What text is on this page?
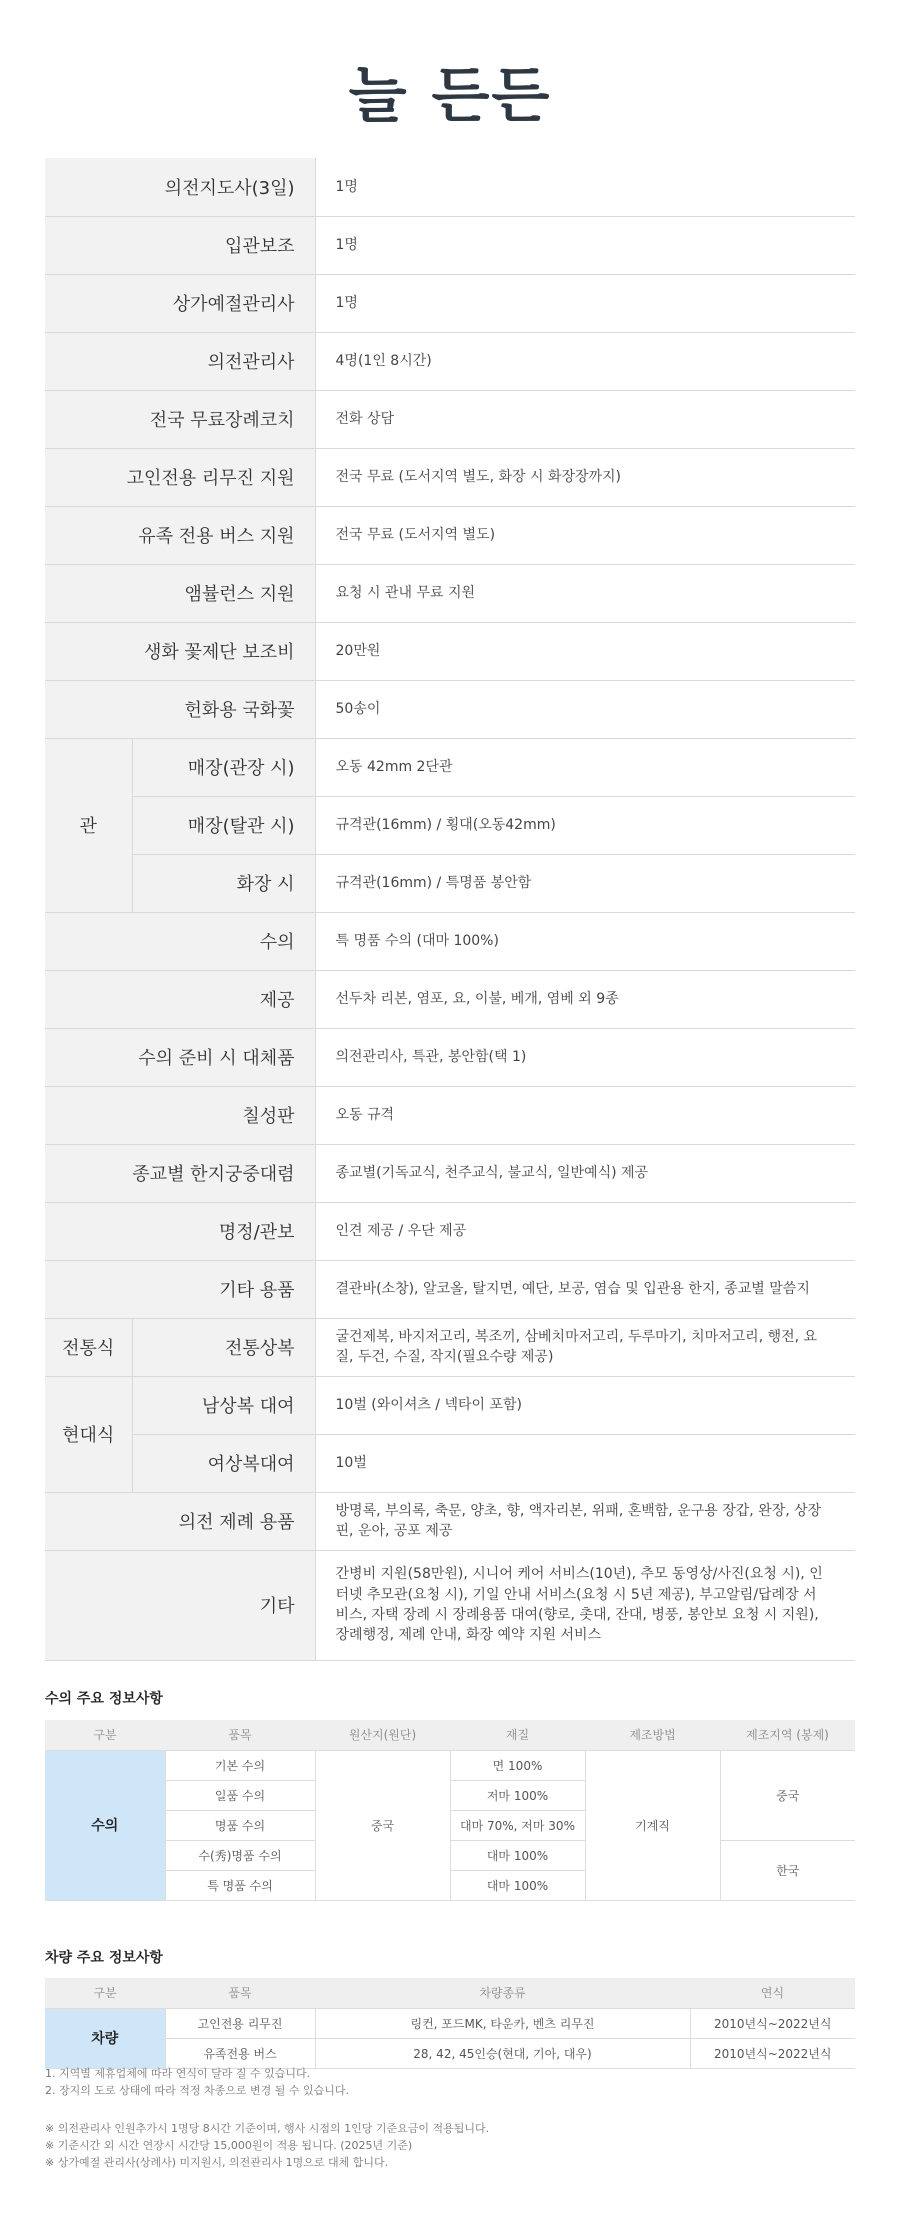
늘 든든
의전지도사(3일)		1명
입관보조		1명
상가예절관리사		1명
의전관리사		4명(1인 8시간)
전국 무료장례코치		전화 상담
고인전용 리무진 지원		전국 무료 (도서지역 별도, 화장 시 화장장까지)
유족 전용 버스 지원		전국 무료 (도서지역 별도)
앰뷸런스 지원		요청 시 관내 무료 지원
생화 꽃제단 보조비		20만원
헌화용 국화꽃		50송이
관	매장(관장 시)	오동 42mm 2단관
	매장(탈관 시)	규격관(16mm) / 횡대(오동42mm)
	화장 시	규격관(16mm) / 특명품 봉안함
수의		특 명품 수의 (대마 100%)
제공		선두차 리본, 염포, 요, 이불, 베개, 염베 외 9종
수의 준비 시 대체품		의전관리사, 특관, 봉안함(택 1)
칠성판		오동 규격
종교별 한지궁중대렴		종교별(기독교식, 천주교식, 불교식, 일반예식) 제공
명정/관보		인견 제공 / 우단 제공
기타 용품		결관바(소창), 알코올, 탈지면, 예단, 보공, 염습 및 입관용 한지, 종교별 말씀지
전통식	전통상복	굴건제복, 바지저고리, 복조끼, 삼베치마저고리, 두루마기, 치마저고리, 행전, 요질, 두건, 수질, 작지(필요수량 제공)
현대식	남상복 대여	10벌 (와이셔츠 / 넥타이 포함)
	여상복대여	10벌
의전 제례 용품		방명록, 부의록, 축문, 양초, 향, 액자리본, 위패, 혼백함, 운구용 장갑, 완장, 상장핀, 운아, 공포 제공
기타		간병비 지원(58만원), 시니어 케어 서비스(10년), 추모 동영상/사진(요청 시), 인터넷 추모관(요청 시), 기일 안내 서비스(요청 시 5년 제공), 부고알림/답례장 서비스, 자택 장례 시 장례용품 대여(향로, 촛대, 잔대, 병풍, 봉안보 요청 시 지원), 장례행정, 제례 안내, 화장 예약 지원 서비스
수의 주요 정보사항
구분	품목	원산지(원단)	재질	제조방법	제조지역 (봉제)
수의	기본 수의	중국	면 100%	기계직	중국
	일품 수의		저마 100%		
	명품 수의		대마 70%, 저마 30%		
	수(秀)명품 수의		대마 100%		한국
	특 명품 수의		대마 100%		
차량 주요 정보사항
구분	품목	차량종류	연식
차량	고인전용 리무진	링컨, 포드MK, 타운카, 벤츠 리무진	2010년식~2022년식
	유족전용 버스	28, 42, 45인승(현대, 기아, 대우)	2010년식~2022년식
1. 지역별 제휴업체에 따라 연식이 달라 질 수 있습니다.
2. 장지의 도로 상태에 따라 적정 차종으로 변경 될 수 있습니다.
※ 의전관리사 인원추가시 1명당 8시간 기준이며, 행사 시점의 1인당 기준요금이 적용됩니다.
※ 기준시간 외 시간 연장시 시간당 15,000원이 적용 됩니다. (2025년 기준)
※ 상가예절 관리사(상례사) 미지원시, 의전관리사 1명으로 대체 합니다.
